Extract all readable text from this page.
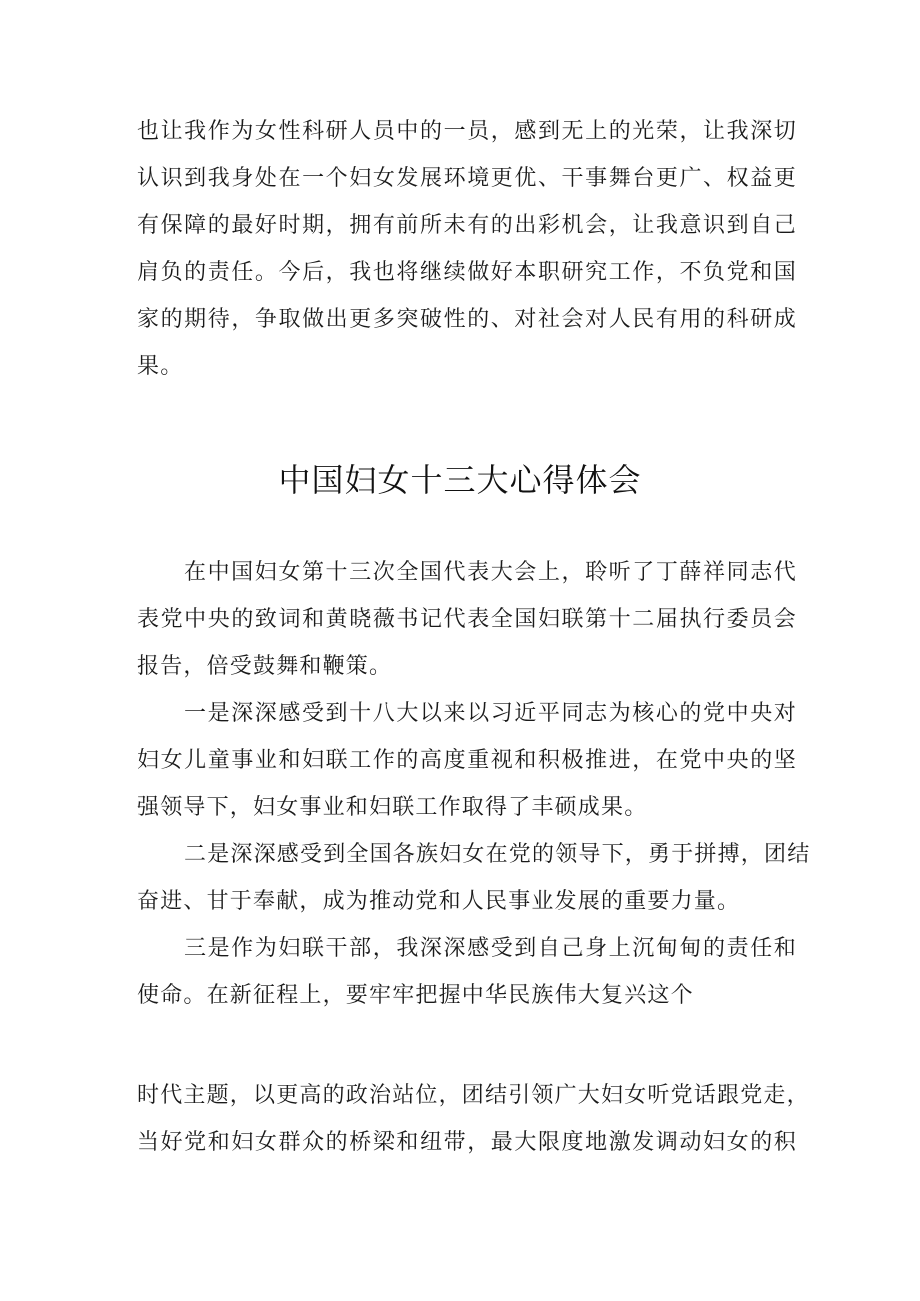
也让我作为女性科研人员中的一员，感到无上的光荣，让我深切
认识到我身处在一个妇女发展环境更优、干事舞台更广、权益更
有保障的最好时期，拥有前所未有的出彩机会，让我意识到自己
肩负的责任。今后，我也将继续做好本职研究工作，不负党和国
家的期待，争取做出更多突破性的、对社会对人民有用的科研成
果。
中国妇女十三大心得体会
在中国妇女第十三次全国代表大会上，聆听了丁薛祥同志代
表党中央的致词和黄晓薇书记代表全国妇联第十二届执行委员会
报告，倍受鼓舞和鞭策。
一是深深感受到十八大以来以习近平同志为核心的党中央对
妇女儿童事业和妇联工作的高度重视和积极推进，在党中央的坚
强领导下，妇女事业和妇联工作取得了丰硕成果。
二是深深感受到全国各族妇女在党的领导下，勇于拼搏，团结
奋进、甘于奉献，成为推动党和人民事业发展的重要力量。
三是作为妇联干部，我深深感受到自己身上沉甸甸的责任和
使命。在新征程上，要牢牢把握中华民族伟大复兴这个
时代主题，以更高的政治站位，团结引领广大妇女听党话跟党走，
当好党和妇女群众的桥梁和纽带，最大限度地激发调动妇女的积
